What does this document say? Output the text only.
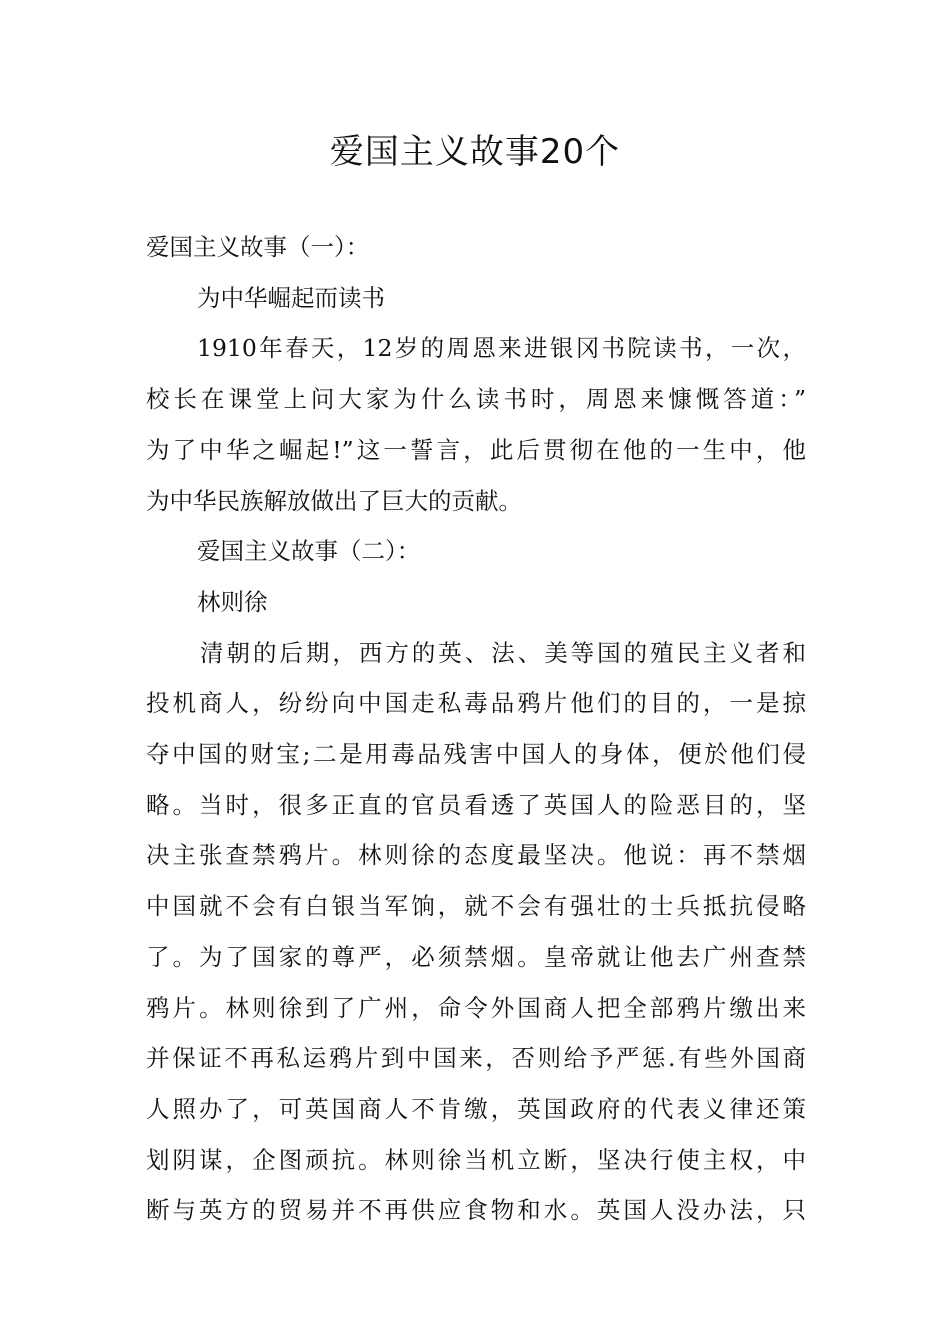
爱国主义故事20个

爱国主义故事（一）：

为中华崛起而读书

1910年春天，12岁的周恩来进银冈书院读书，一次，
校长在课堂上问大家为什么读书时，周恩来慷慨答道：”
为了中华之崛起!”这一誓言，此后贯彻在他的一生中，他
为中华民族解放做出了巨大的贡献。

爱国主义故事（二）：

林则徐

清朝的后期，西方的英、法、美等国的殖民主义者和
投机商人，纷纷向中国走私毒品鸦片他们的目的，一是掠
夺中国的财宝;二是用毒品残害中国人的身体，便於他们侵
略。当时，很多正直的官员看透了英国人的险恶目的，坚
决主张查禁鸦片。林则徐的态度最坚决。他说：再不禁烟
中国就不会有白银当军饷，就不会有强壮的士兵抵抗侵略
了。为了国家的尊严，必须禁烟。皇帝就让他去广州查禁
鸦片。林则徐到了广州，命令外国商人把全部鸦片缴出来
并保证不再私运鸦片到中国来，否则给予严惩.有些外国商
人照办了，可英国商人不肯缴，英国政府的代表义律还策
划阴谋，企图顽抗。林则徐当机立断，坚决行使主权，中
断与英方的贸易并不再供应食物和水。英国人没办法，只
